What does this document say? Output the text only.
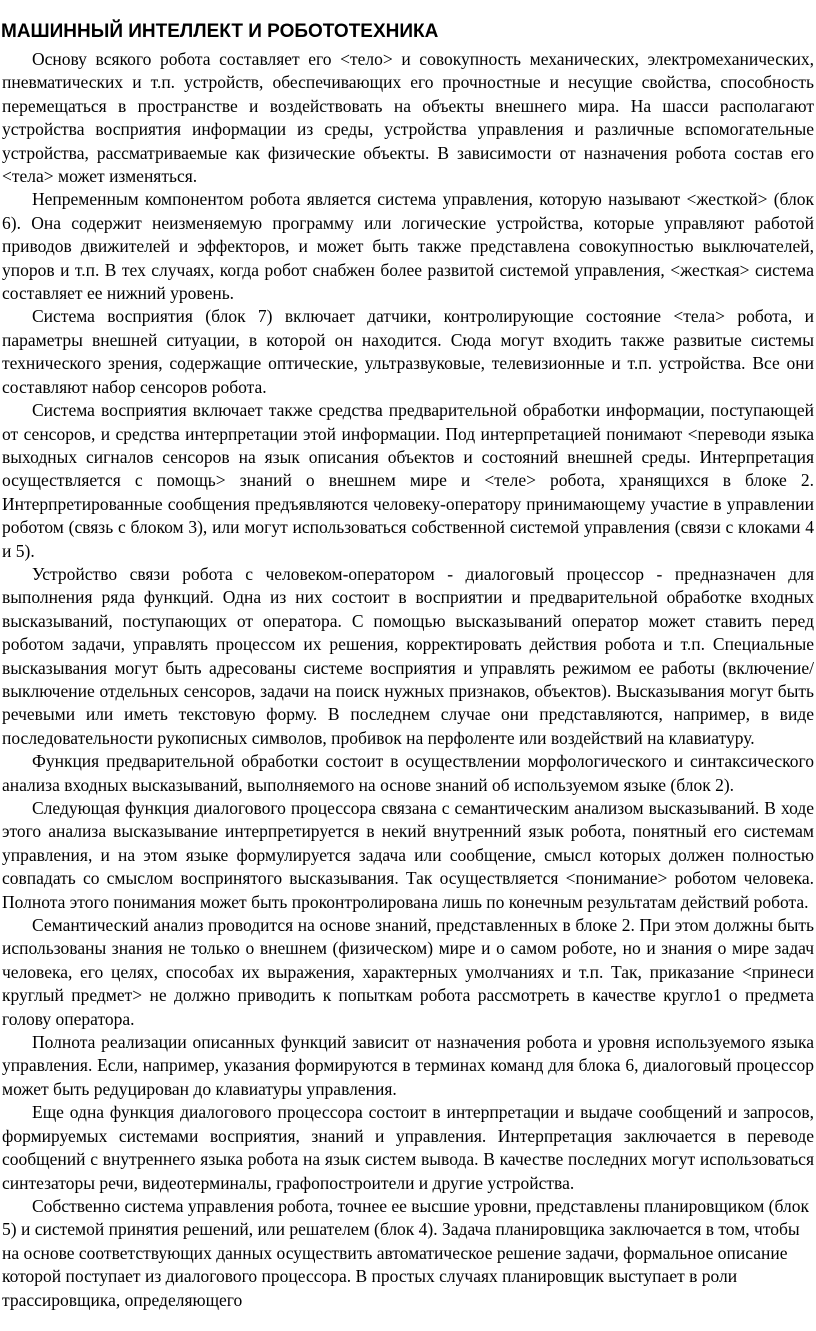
МАШИННЫЙ ИНТЕЛЛЕКТ И РОБОТОТЕХНИКА

Основу всякого робота составляет его <тело> и совокупность механических, электромеханических, пневматических и т.п. устройств, обеспечивающих его прочностные и несущие свойства, способность перемещаться в пространстве и воздействовать на объекты внешнего мира. На шасси располагают устройства восприятия информации из среды, устройства управления и различные вспомогательные устройства, рассматриваемые как физические объекты. В зависимости от назначения робота состав его <тела> может изменяться.

Непременным компонентом робота является система управления, которую называют <жесткой> (блок 6). Она содержит неизменяемую программу или логические устройства, которые управляют работой приводов движителей и эффекторов, и может быть также представлена совокупностью выключателей, упоров и т.п. В тех случаях, когда робот снабжен более развитой системой управления, <жесткая> система составляет ее нижний уровень.

Система восприятия (блок 7) включает датчики, контролирующие состояние <тела> робота, и параметры внешней ситуации, в которой он находится. Сюда могут входить также развитые системы технического зрения, содержащие оптические, ультразвуковые, телевизионные и т.п. устройства. Все они составляют набор сенсоров робота.

Система восприятия включает также средства предварительной обработки информации, поступающей от сенсоров, и средства интерпретации этой информации. Под интерпретацией понимают <переводи языка выходных сигналов сенсоров на язык описания объектов и состояний внешней среды. Интерпретация осуществляется с помощь> знаний о внешнем мире и <теле> робота, хранящихся в блоке 2. Интерпретированные сообщения предъявляются человеку-оператору принимающему участие в управлении роботом (связь с блоком 3), или могут использоваться собственной системой управления (связи с клоками 4 и 5).

Устройство связи робота с человеком-оператором - диалоговый процессор - предназначен для выполнения ряда функций. Одна из них состоит в восприятии и предварительной обработке входных высказываний, поступающих от оператора. С помощью высказываний оператор может ставить перед роботом задачи, управлять процессом их решения, корректировать действия робота и т.п. Специальные высказывания могут быть адресованы системе восприятия и управлять режимом ее работы (включение/выключение отдельных сенсоров, задачи на поиск нужных признаков, объектов). Высказывания могут быть речевыми или иметь текстовую форму. В последнем случае они представляются, например, в виде последовательности рукописных символов, пробивок на перфоленте или воздействий на клавиатуру.

Функция предварительной обработки состоит в осуществлении морфологического и синтаксического анализа входных высказываний, выполняемого на основе знаний об используемом языке (блок 2).

Следующая функция диалогового процессора связана с семантическим анализом высказываний. В ходе этого анализа высказывание интерпретируется в некий внутренний язык робота, понятный его системам управления, и на этом языке формулируется задача или сообщение, смысл которых должен полностью совпадать со смыслом воспринятого высказывания. Так осуществляется <понимание> роботом человека. Полнота этого понимания может быть проконтролирована лишь по конечным результатам действий робота.

Семантический анализ проводится на основе знаний, представленных в блоке 2. При этом должны быть использованы знания не только о внешнем (физическом) мире и о самом роботе, но и знания о мире задач человека, его целях, способах их выражения, характерных умолчаниях и т.п. Так, приказание <принеси круглый предмет> не должно приводить к попыткам робота рассмотреть в качестве кругло1 о предмета голову оператора.

Полнота реализации описанных функций зависит от назначения робота и уровня используемого языка управления. Если, например, указания формируются в терминах команд для блока 6, диалоговый процессор может быть редуцирован до клавиатуры управления.

Еще одна функция диалогового процессора состоит в интерпретации и выдаче сообщений и запросов, формируемых системами восприятия, знаний и управления. Интерпретация заключается в переводе сообщений с внутреннего языка робота на язык систем вывода. В качестве последних могут использоваться синтезаторы речи, видеотерминалы, графопостроители и другие устройства.

Собственно система управления робота, точнее ее высшие уровни, представлены планировщиком (блок 5) и системой принятия решений, или решателем (блок 4). Задача планировщика заключается в том, чтобы на основе соответствующих данных осуществить автоматическое решение задачи, формальное описание которой поступает из диалогового процессора. В простых случаях планировщик выступает в роли трассировщика, определяющего
